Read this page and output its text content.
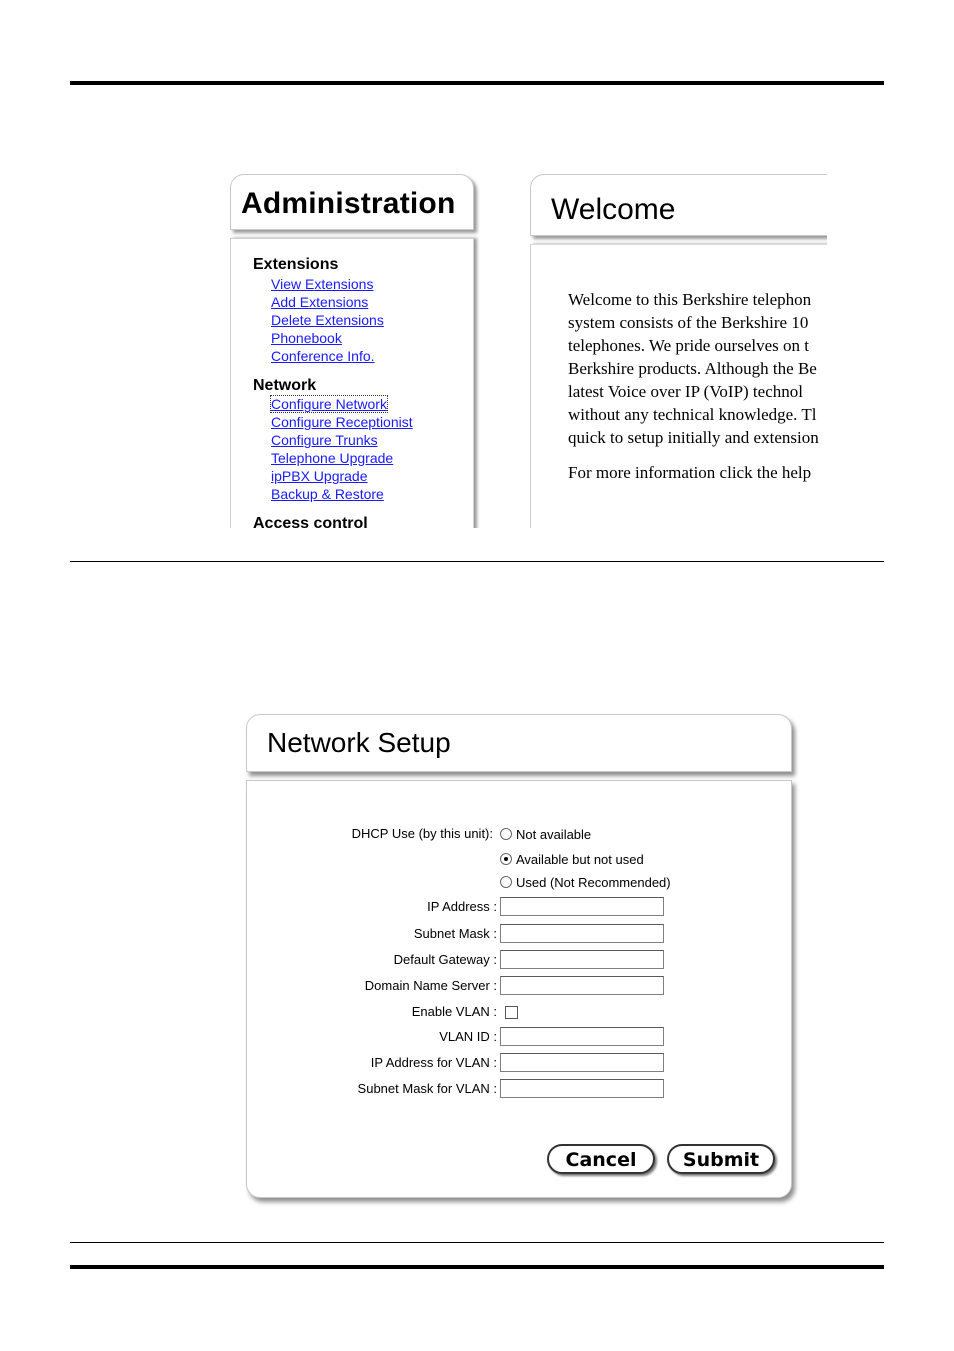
Administration
Extensions
View Extensions
Add Extensions
Delete Extensions
Phonebook
Conference Info.
Network
Configure Network
Configure Receptionist
Configure Trunks
Telephone Upgrade
ipPBX Upgrade
Backup & Restore
Access control
Welcome

Welcome to this Berkshire telephon

system consists of the Berkshire 10

telephones. We pride ourselves on t

Berkshire products. Although the Be

latest Voice over IP (VoIP) technol

without any technical knowledge. Tl

quick to setup initially and extension

For more information click the help

Network Setup
DHCP Use (by this unit):	Not available
Available but not used
Used (Not Recommended)
IP Address :
Subnet Mask :
Default Gateway :
Domain Name Server :
Enable VLAN :
VLAN ID :
IP Address for VLAN :
Subnet Mask for VLAN :
Cancel	Submit
